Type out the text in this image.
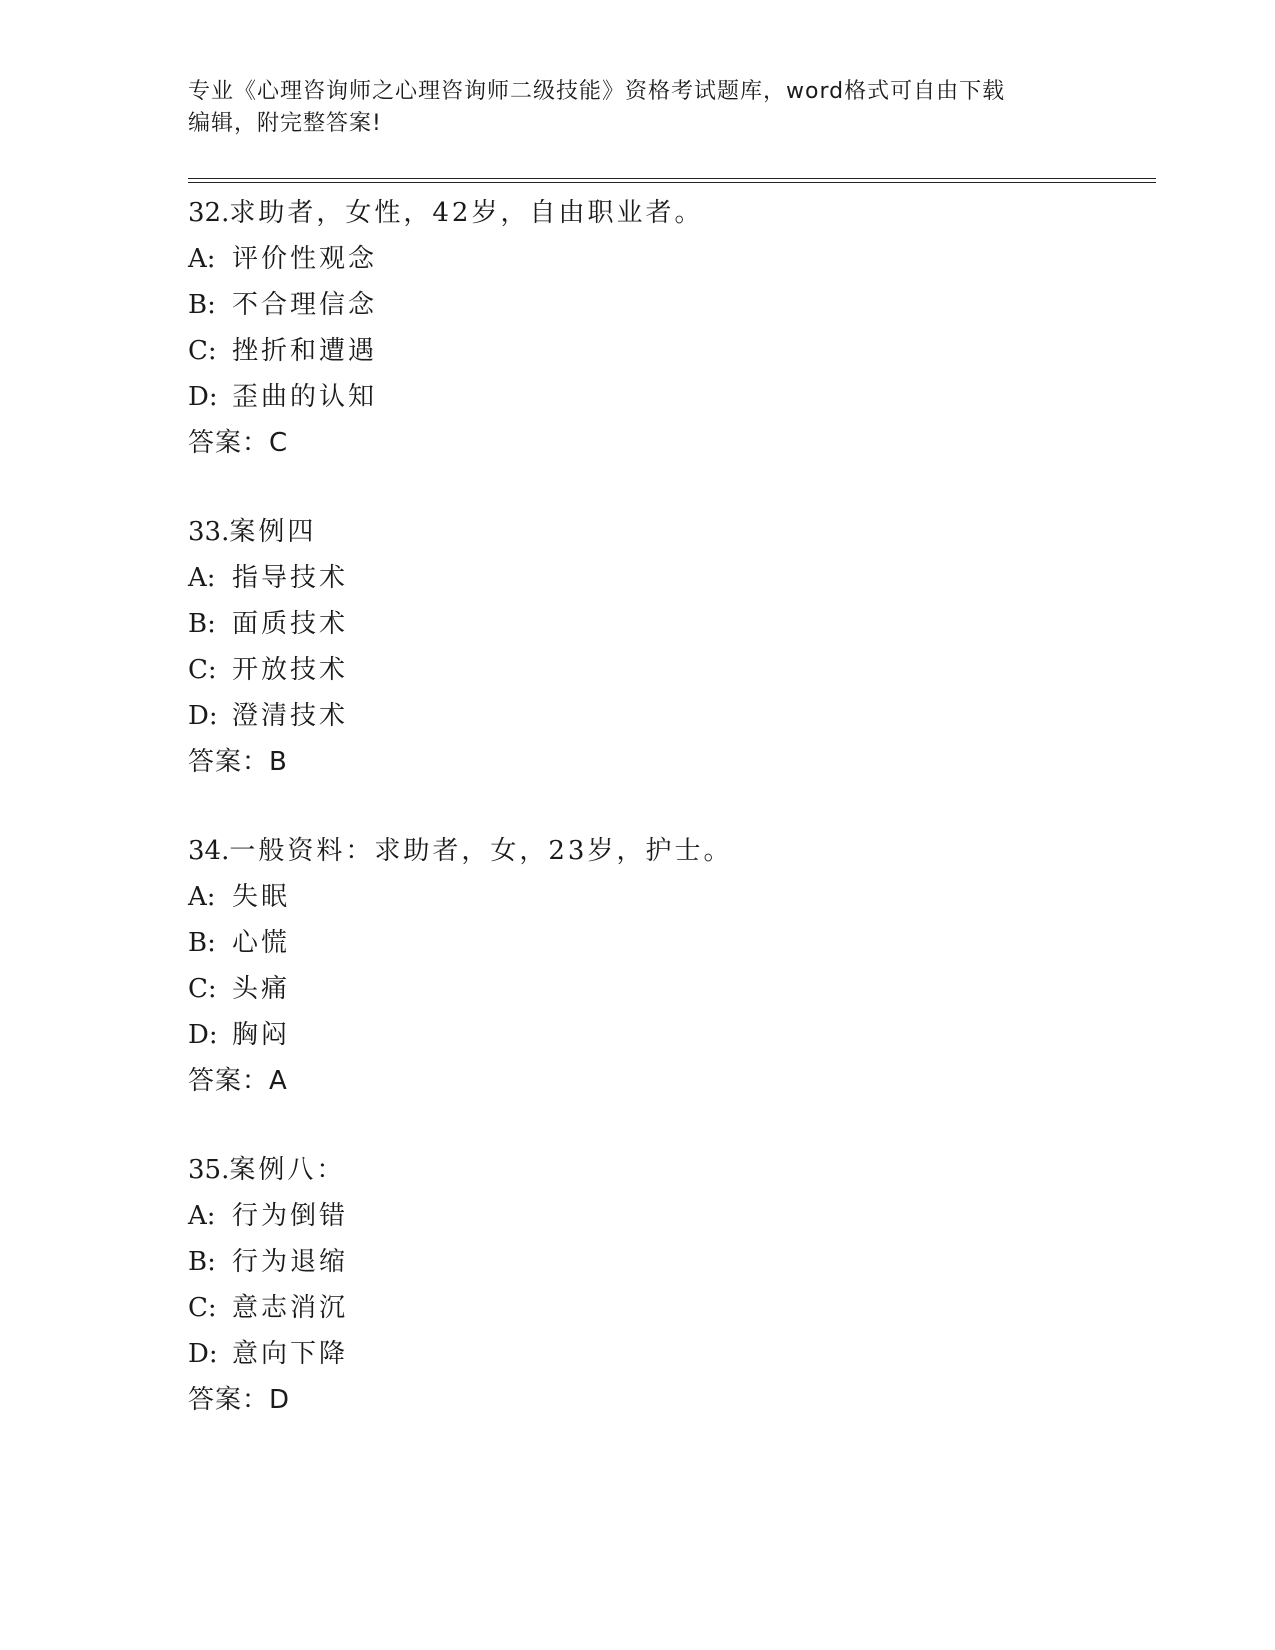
专业《心理咨询师之心理咨询师二级技能》资格考试题库，word格式可自由下载
编辑，附完整答案!
32.求助者，女性，42岁，自由职业者。
A: 评价性观念
B: 不合理信念
C: 挫折和遭遇
D: 歪曲的认知
答案：C
33.案例四
A: 指导技术
B: 面质技术
C: 开放技术
D: 澄清技术
答案：B
34.一般资料：求助者，女，23岁，护士。
A: 失眠
B: 心慌
C: 头痛
D: 胸闷
答案：A
35.案例八：
A: 行为倒错
B: 行为退缩
C: 意志消沉
D: 意向下降
答案：D
